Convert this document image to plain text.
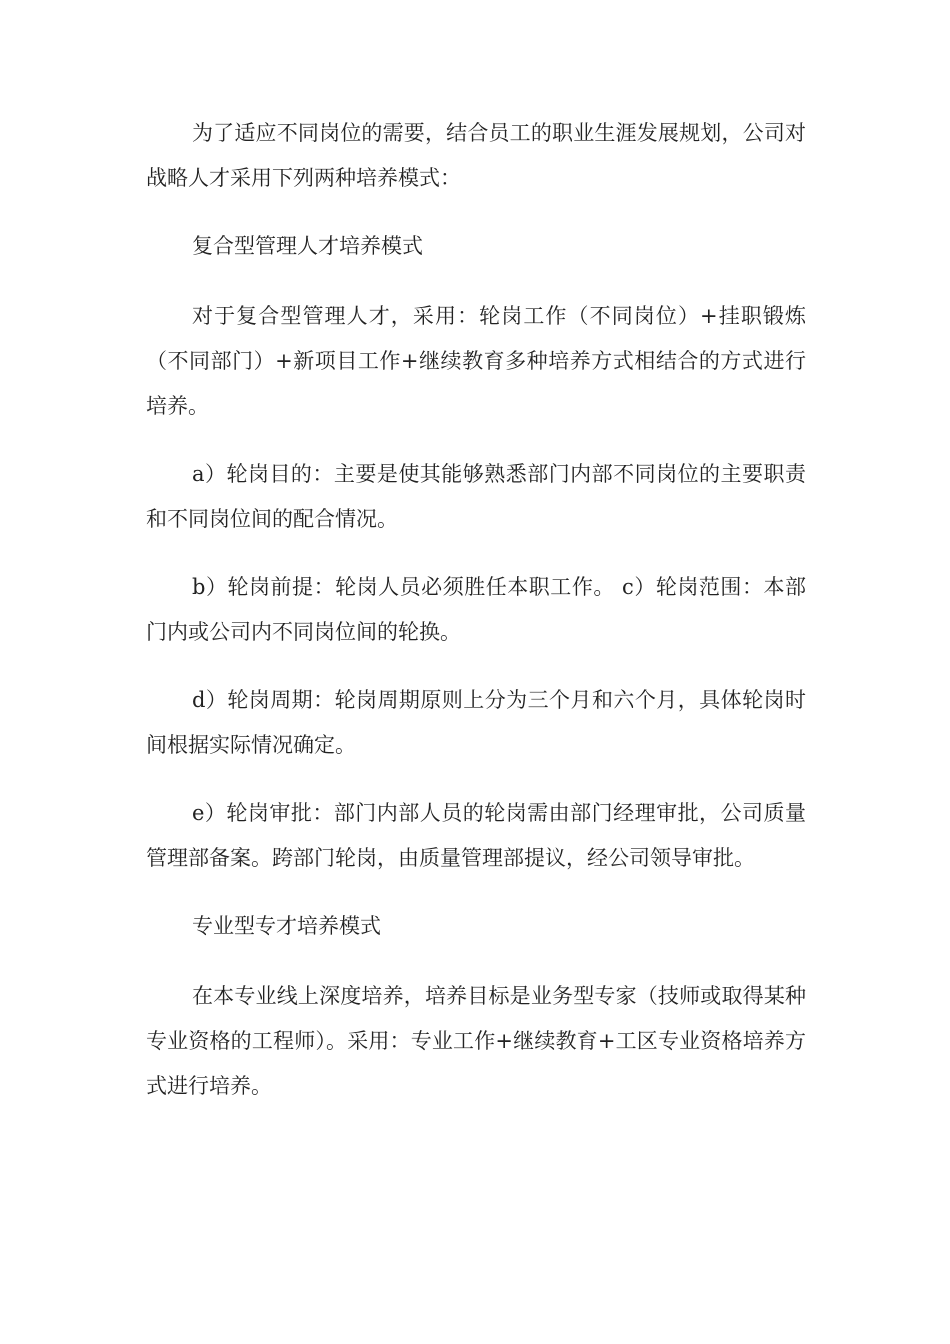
为了适应不同岗位的需要，结合员工的职业生涯发展规划，公司对战略人才采用下列两种培养模式：

复合型管理人才培养模式

对于复合型管理人才，采用：轮岗工作（不同岗位）+挂职锻炼（不同部门）+新项目工作+继续教育多种培养方式相结合的方式进行培养。

a）轮岗目的：主要是使其能够熟悉部门内部不同岗位的主要职责和不同岗位间的配合情况。

b）轮岗前提：轮岗人员必须胜任本职工作。 c）轮岗范围：本部门内或公司内不同岗位间的轮换。

d）轮岗周期：轮岗周期原则上分为三个月和六个月，具体轮岗时间根据实际情况确定。

e）轮岗审批：部门内部人员的轮岗需由部门经理审批，公司质量管理部备案。跨部门轮岗，由质量管理部提议，经公司领导审批。

专业型专才培养模式

在本专业线上深度培养，培养目标是业务型专家（技师或取得某种专业资格的工程师）。采用：专业工作+继续教育+工区专业资格培养方式进行培养。
